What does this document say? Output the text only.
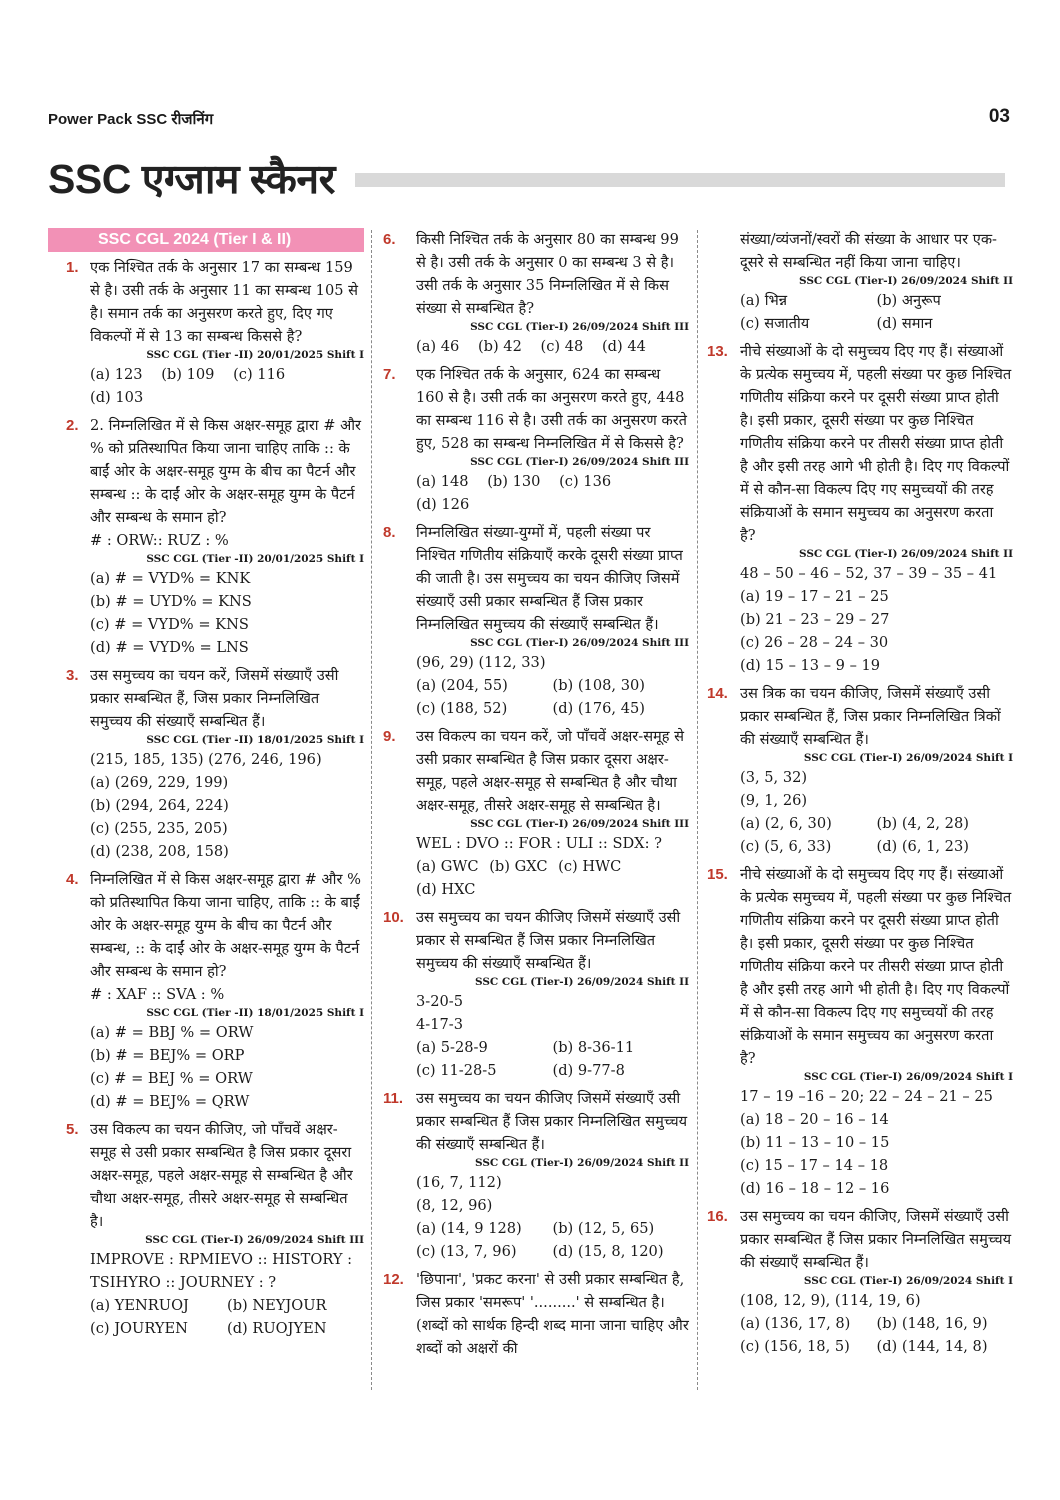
Power Pack SSC रीजनिंग	03
SSC एग्जाम स्कैनर
SSC CGL 2024 (Tier I & II)
1. एक निश्चित तर्क के अनुसार 17 का सम्बन्ध 159 से है। उसी तर्क के अनुसार 11 का सम्बन्ध 105 से है। समान तर्क का अनुसरण करते हुए, दिए गए विकल्पों में से 13 का सम्बन्ध किससे है?
SSC CGL (Tier -II) 20/01/2025 Shift I
(a) 123 (b) 109 (c) 116 (d) 103
2. 2. निम्नलिखित में से किस अक्षर-समूह द्वारा # और % को प्रतिस्थापित किया जाना चाहिए ताकि :: के बाईं ओर के अक्षर-समूह युग्म के बीच का पैटर्न और सम्बन्ध :: के दाईं ओर के अक्षर-समूह युग्म के पैटर्न और सम्बन्ध के समान हो?
# : ORW:: RUZ : %
SSC CGL (Tier -II) 20/01/2025 Shift I
(a) # = VYD% = KNK
(b) # = UYD% = KNS
(c) # = VYD% = KNS
(d) # = VYD% = LNS
3. उस समुच्चय का चयन करें, जिसमें संख्याएँ उसी प्रकार सम्बन्धित हैं, जिस प्रकार निम्नलिखित समुच्चय की संख्याएँ सम्बन्धित हैं।
SSC CGL (Tier -II) 18/01/2025 Shift I
(215, 185, 135) (276, 246, 196)
(a) (269, 229, 199)
(b) (294, 264, 224)
(c) (255, 235, 205)
(d) (238, 208, 158)
4. निम्नलिखित में से किस अक्षर-समूह द्वारा # और % को प्रतिस्थापित किया जाना चाहिए, ताकि :: के बाईं ओर के अक्षर-समूह युग्म के बीच का पैटर्न और सम्बन्ध, :: के दाईं ओर के अक्षर-समूह युग्म के पैटर्न और सम्बन्ध के समान हो?
# : XAF :: SVA : %
SSC CGL (Tier -II) 18/01/2025 Shift I
(a) # = BBJ % = ORW
(b) # = BEJ% = ORP
(c) # = BEJ % = ORW
(d) # = BEJ% = QRW
5. उस विकल्प का चयन कीजिए, जो पाँचवें अक्षर-समूह से उसी प्रकार सम्बन्धित है जिस प्रकार दूसरा अक्षर-समूह, पहले अक्षर-समूह से सम्बन्धित है और चौथा अक्षर-समूह, तीसरे अक्षर-समूह से सम्बन्धित है।
SSC CGL (Tier-I) 26/09/2024 Shift III
IMPROVE : RPMIEVO :: HISTORY : TSIHYRO :: JOURNEY : ?
(a) YENRUOJ	(b) NEYJOUR
(c) JOURYEN	(d) RUOJYEN
6. किसी निश्चित तर्क के अनुसार 80 का सम्बन्ध 99 से है। उसी तर्क के अनुसार 0 का सम्बन्ध 3 से है। उसी तर्क के अनुसार 35 निम्नलिखित में से किस संख्या से सम्बन्धित है?
SSC CGL (Tier-I) 26/09/2024 Shift III
(a) 46 (b) 42 (c) 48 (d) 44
7. एक निश्चित तर्क के अनुसार, 624 का सम्बन्ध 160 से है। उसी तर्क का अनुसरण करते हुए, 448 का सम्बन्ध 116 से है। उसी तर्क का अनुसरण करते हुए, 528 का सम्बन्ध निम्नलिखित में से किससे है?
SSC CGL (Tier-I) 26/09/2024 Shift III
(a) 148 (b) 130 (c) 136 (d) 126
8. निम्नलिखित संख्या-युग्मों में, पहली संख्या पर निश्चित गणितीय संक्रियाएँ करके दूसरी संख्या प्राप्त की जाती है। उस समुच्चय का चयन कीजिए जिसमें संख्याएँ उसी प्रकार सम्बन्धित हैं जिस प्रकार निम्नलिखित समुच्चय की संख्याएँ सम्बन्धित हैं।
SSC CGL (Tier-I) 26/09/2024 Shift III
(96, 29) (112, 33)
(a) (204, 55)	(b) (108, 30)
(c) (188, 52)	(d) (176, 45)
9. उस विकल्प का चयन करें, जो पाँचवें अक्षर-समूह से उसी प्रकार सम्बन्धित है जिस प्रकार दूसरा अक्षर-समूह, पहले अक्षर-समूह से सम्बन्धित है और चौथा अक्षर-समूह, तीसरे अक्षर-समूह से सम्बन्धित है।
SSC CGL (Tier-I) 26/09/2024 Shift III
WEL : DVO :: FOR : ULI :: SDX: ?
(a) GWC (b) GXC (c) HWC (d) HXC
10. उस समुच्चय का चयन कीजिए जिसमें संख्याएँ उसी प्रकार से सम्बन्धित हैं जिस प्रकार निम्नलिखित समुच्चय की संख्याएँ सम्बन्धित हैं।
SSC CGL (Tier-I) 26/09/2024 Shift II
3-20-5
4-17-3
(a) 5-28-9	(b) 8-36-11
(c) 11-28-5	(d) 9-77-8
11. उस समुच्चय का चयन कीजिए जिसमें संख्याएँ उसी प्रकार सम्बन्धित हैं जिस प्रकार निम्नलिखित समुच्चय की संख्याएँ सम्बन्धित हैं।
SSC CGL (Tier-I) 26/09/2024 Shift II
(16, 7, 112)
(8, 12, 96)
(a) (14, 9 128)	(b) (12, 5, 65)
(c) (13, 7, 96)	(d) (15, 8, 120)
12. 'छिपाना', 'प्रकट करना' से उसी प्रकार सम्बन्धित है, जिस प्रकार 'समरूप' '.........' से सम्बन्धित है। (शब्दों को सार्थक हिन्दी शब्द माना जाना चाहिए और शब्दों को अक्षरों की
संख्या/व्यंजनों/स्वरों की संख्या के आधार पर एक-दूसरे से सम्बन्धित नहीं किया जाना चाहिए।
SSC CGL (Tier-I) 26/09/2024 Shift II
(a) भिन्न	(b) अनुरूप
(c) सजातीय	(d) समान
13. नीचे संख्याओं के दो समुच्चय दिए गए हैं। संख्याओं के प्रत्येक समुच्चय में, पहली संख्या पर कुछ निश्चित गणितीय संक्रिया करने पर दूसरी संख्या प्राप्त होती है। इसी प्रकार, दूसरी संख्या पर कुछ निश्चित गणितीय संक्रिया करने पर तीसरी संख्या प्राप्त होती है और इसी तरह आगे भी होती है। दिए गए विकल्पों में से कौन-सा विकल्प दिए गए समुच्चयों की तरह संक्रियाओं के समान समुच्चय का अनुसरण करता है?
SSC CGL (Tier-I) 26/09/2024 Shift II
48 – 50 – 46 – 52, 37 – 39 – 35 – 41
(a) 19 – 17 – 21 – 25
(b) 21 – 23 – 29 – 27
(c) 26 – 28 – 24 – 30
(d) 15 – 13 – 9 – 19
14. उस त्रिक का चयन कीजिए, जिसमें संख्याएँ उसी प्रकार सम्बन्धित हैं, जिस प्रकार निम्नलिखित त्रिकों की संख्याएँ सम्बन्धित हैं।
SSC CGL (Tier-I) 26/09/2024 Shift I
(3, 5, 32)
(9, 1, 26)
(a) (2, 6, 30)	(b) (4, 2, 28)
(c) (5, 6, 33)	(d) (6, 1, 23)
15. नीचे संख्याओं के दो समुच्चय दिए गए हैं। संख्याओं के प्रत्येक समुच्चय में, पहली संख्या पर कुछ निश्चित गणितीय संक्रिया करने पर दूसरी संख्या प्राप्त होती है। इसी प्रकार, दूसरी संख्या पर कुछ निश्चित गणितीय संक्रिया करने पर तीसरी संख्या प्राप्त होती है और इसी तरह आगे भी होती है। दिए गए विकल्पों में से कौन-सा विकल्प दिए गए समुच्चयों की तरह संक्रियाओं के समान समुच्चय का अनुसरण करता है?
SSC CGL (Tier-I) 26/09/2024 Shift I
17 – 19 –16 – 20; 22 – 24 – 21 – 25
(a) 18 – 20 – 16 – 14
(b) 11 – 13 – 10 – 15
(c) 15 – 17 – 14 – 18
(d) 16 – 18 – 12 – 16
16. उस समुच्चय का चयन कीजिए, जिसमें संख्याएँ उसी प्रकार सम्बन्धित हैं जिस प्रकार निम्नलिखित समुच्चय की संख्याएँ सम्बन्धित हैं।
SSC CGL (Tier-I) 26/09/2024 Shift I
(108, 12, 9), (114, 19, 6)
(a) (136, 17, 8)	(b) (148, 16, 9)
(c) (156, 18, 5)	(d) (144, 14, 8)
